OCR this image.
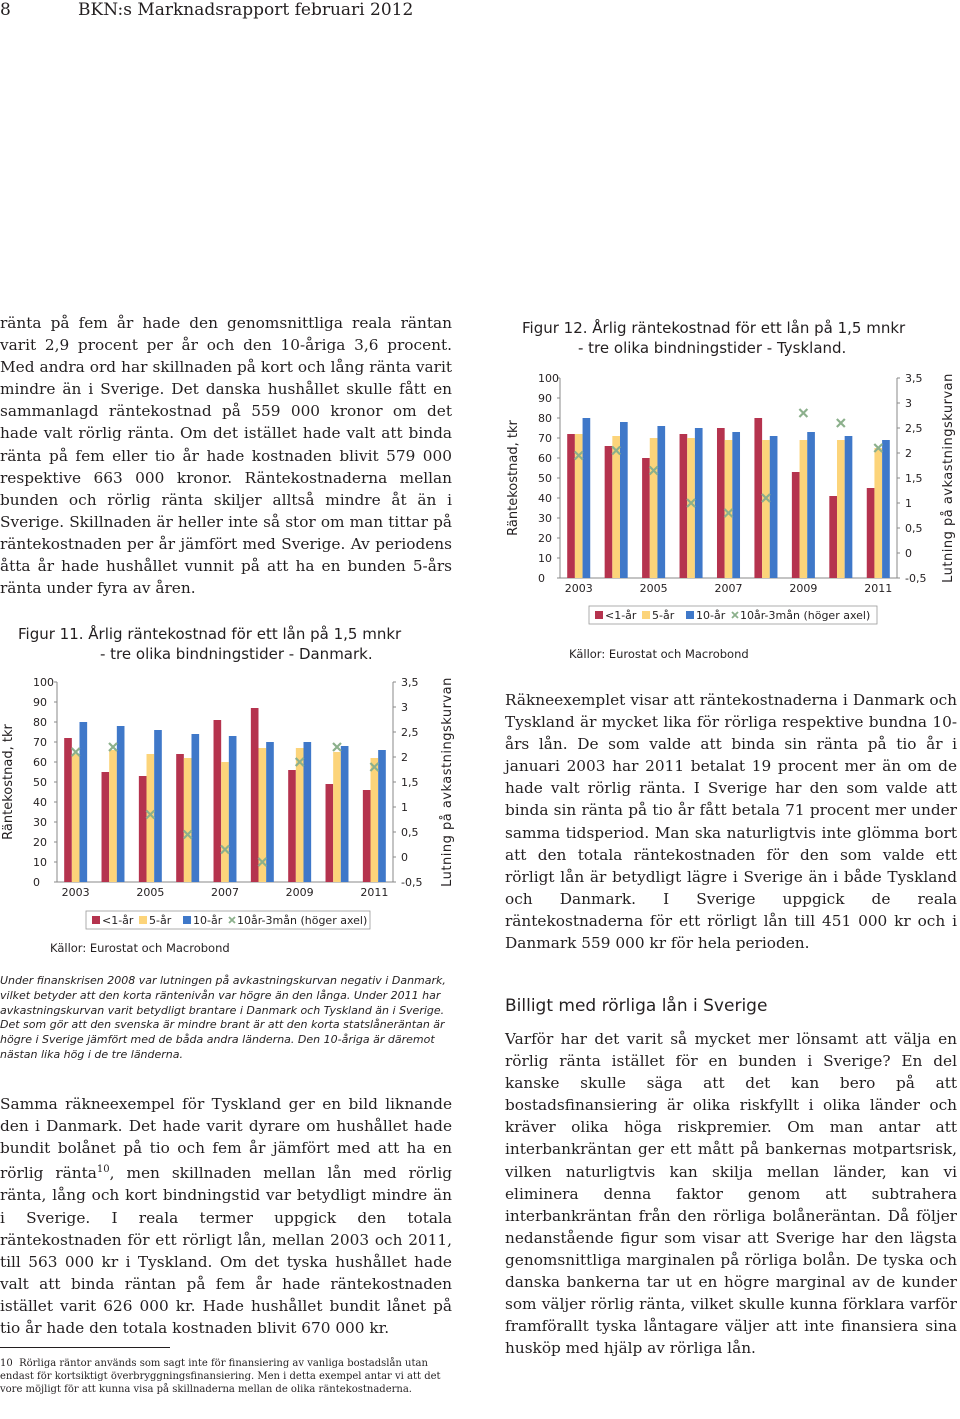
8	BKN:s Marknadsrapport februari 2012

ränta på fem år hade den genomsnittliga reala räntan varit 2,9 procent per år och den 10-åriga 3,6 procent. Med andra ord har skillnaden på kort och lång ränta varit mindre än i Sverige. Det danska hushållet skulle fått en sammanlagd räntekostnad på 559 000 kronor om det hade valt rörlig ränta. Om det istället hade valt att binda ränta på fem eller tio år hade kostnaden blivit 579 000 respektive 663 000 kronor. Räntekostnaderna mellan bunden och rörlig ränta skiljer alltså mindre åt än i Sverige. Skillnaden är heller inte så stor om man tittar på räntekostnaden per år jämfört med Sverige. Av periodens åtta år hade hushållet vunnit på att ha en bunden 5-års ränta under fyra av åren.

Figur 11. Årlig räntekostnad för ett lån på 1,5 mnkr
- tre olika bindningstider - Danmark.
100
90
80
70
60
50
40
30
20
10
0
3,5
3
2,5
2
1,5
1
0,5
0
-0,5
2003	2005	2007	2009	2011
Räntekostnad, tkr	Lutning på avkastningskurvan
<1-år 5-år 10-år 10år-3mån (höger axel)
Källor: Eurostat och Macrobond
Under finanskrisen 2008 var lutningen på avkastningskurvan negativ i Danmark, vilket betyder att den korta räntenivån var högre än den långa. Under 2011 har avkastningskurvan varit betydligt brantare i Danmark och Tyskland än i Sverige. Det som gör att den svenska är mindre brant är att den korta statslåneräntan är högre i Sverige jämfört med de båda andra länderna. Den 10-åriga är däremot nästan lika hög i de tre länderna.

Samma räkneexempel för Tyskland ger en bild liknande den i Danmark. Det hade varit dyrare om hushållet hade bundit bolånet på tio och fem år jämfört med att ha en rörlig ränta$^{10}$, men skillnaden mellan lån med rörlig ränta, lång och kort bindningstid var betydligt mindre än i Sverige. I reala termer uppgick den totala räntekostnaden för ett rörligt lån, mellan 2003 och 2011, till 563 000 kr i Tyskland. Om det tyska hushållet hade valt att binda räntan på fem år hade räntekostnaden istället varit 626 000 kr. Hade hushållet bundit lånet på tio år hade den totala kostnaden blivit 670 000 kr.

10 Rörliga räntor används som sagt inte för finansiering av vanliga bostadslån utan endast för kortsiktigt överbryggningsfinansiering. Men i detta exempel antar vi att det vore möjligt för att kunna visa på skillnaderna mellan de olika räntekostnaderna.
Figur 12. Årlig räntekostnad för ett lån på 1,5 mnkr
- tre olika bindningstider - Tyskland.
100
90
80
70
60
50
40
30
20
10
0
3,5
3
2,5
2
1,5
1
0,5
0
-0,5
2003	2005	2007	2009	2011
Räntekostnad, tkr	Lutning på avkastningskurvan
<1-år 5-år 10-år 10år-3mån (höger axel)
Källor: Eurostat och Macrobond

Räkneexemplet visar att räntekostnaderna i Danmark och Tyskland är mycket lika för rörliga respektive bundna 10-års lån. De som valde att binda sin ränta på tio år i januari 2003 har 2011 betalat 19 procent mer än om de hade valt rörlig ränta. I Sverige har den som valde att binda sin ränta på tio år fått betala 71 procent mer under samma tidsperiod. Man ska naturligtvis inte glömma bort att den totala räntekostnaden för den som valde ett rörligt lån är betydligt lägre i Sverige än i både Tyskland och Danmark. I Sverige uppgick de reala räntekostnaderna för ett rörligt lån till 451 000 kr och i Danmark 559 000 kr för hela perioden.

Billigt med rörliga lån i Sverige

Varför har det varit så mycket mer lönsamt att välja en rörlig ränta istället för en bunden i Sverige? En del kanske skulle säga att det kan bero på att bostadsfinansiering är olika riskfyllt i olika länder och kräver olika höga riskpremier. Om man antar att interbankräntan ger ett mått på bankernas motpartsrisk, vilken naturligtvis kan skilja mellan länder, kan vi eliminera denna faktor genom att subtrahera interbankräntan från den rörliga bolåneräntan. Då följer nedanstående figur som visar att Sverige har den lägsta genomsnittliga marginalen på rörliga bolån. De tyska och danska bankerna tar ut en högre marginal av de kunder som väljer rörlig ränta, vilket skulle kunna förklara varför framförallt tyska låntagare väljer att inte finansiera sina husköp med hjälp av rörliga lån.
